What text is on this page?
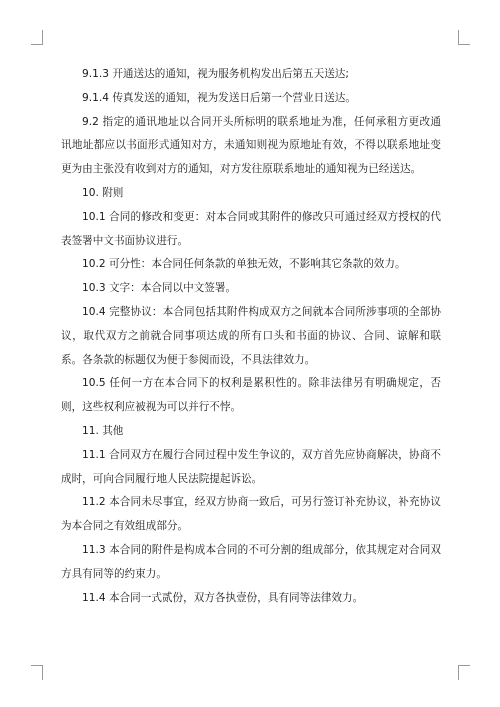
9.1.3 开通送达的通知，视为服务机构发出后第五天送达;

9.1.4 传真发送的通知，视为发送日后第一个营业日送达。

9.2 指定的通讯地址以合同开头所标明的联系地址为准，任何承租方更改通讯地址都应以书面形式通知对方，未通知则视为原地址有效，不得以联系地址变更为由主张没有收到对方的通知，对方发往原联系地址的通知视为已经送达。

10. 附则

10.1 合同的修改和变更：对本合同或其附件的修改只可通过经双方授权的代表签署中文书面协议进行。

10.2 可分性：本合同任何条款的单独无效，不影响其它条款的效力。

10.3 文字：本合同以中文签署。

10.4 完整协议：本合同包括其附件构成双方之间就本合同所涉事项的全部协议，取代双方之前就合同事项达成的所有口头和书面的协议、合同、谅解和联系。各条款的标题仅为便于参阅而设，不具法律效力。

10.5 任何一方在本合同下的权利是累积性的。除非法律另有明确规定，否则，这些权利应被视为可以并行不悖。

11. 其他

11.1 合同双方在履行合同过程中发生争议的，双方首先应协商解决，协商不成时，可向合同履行地人民法院提起诉讼。

11.2 本合同未尽事宜，经双方协商一致后，可另行签订补充协议，补充协议为本合同之有效组成部分。

11.3 本合同的附件是构成本合同的不可分割的组成部分，依其规定对合同双方具有同等的约束力。

11.4 本合同一式贰份，双方各执壹份，具有同等法律效力。
